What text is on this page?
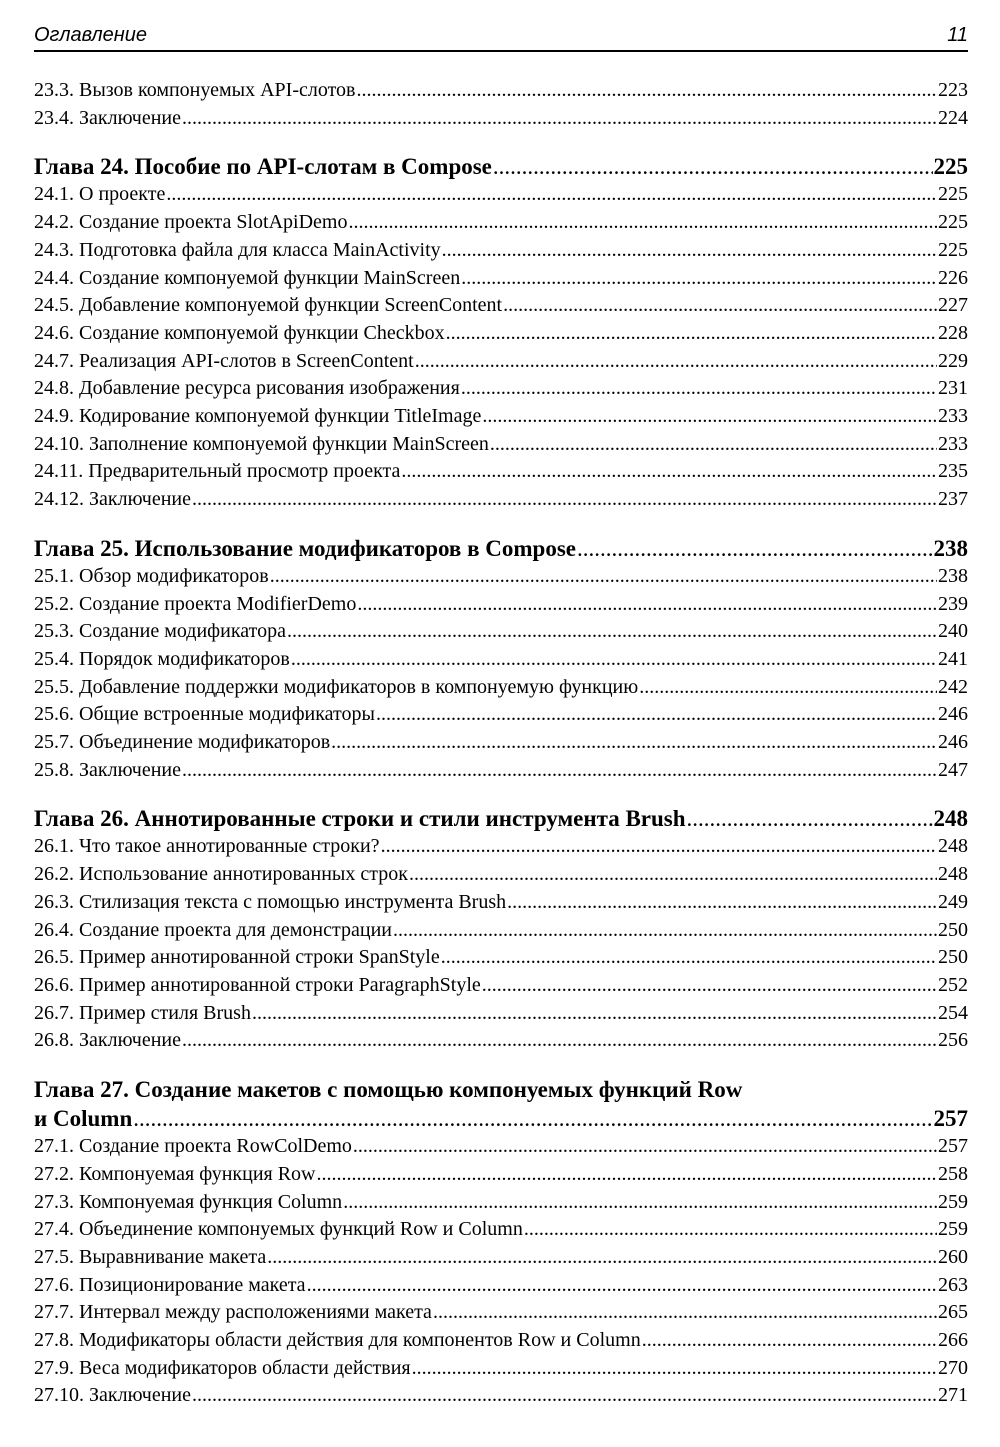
Оглавление	11
23.3. Вызов компонуемых API-слотов .....	223
23.4. Заключение .....	224
Глава 24. Пособие по API-слотам в Compose .....	225
24.1. О проекте .....	225
24.2. Создание проекта SlotApiDemo .....	225
24.3. Подготовка файла для класса MainActivity .....	225
24.4. Создание компонуемой функции MainScreen .....	226
24.5. Добавление компонуемой функции ScreenContent .....	227
24.6. Создание компонуемой функции Checkbox .....	228
24.7. Реализация API-слотов в ScreenContent .....	229
24.8. Добавление ресурса рисования изображения .....	231
24.9. Кодирование компонуемой функции TitleImage .....	233
24.10. Заполнение компонуемой функции MainScreen .....	233
24.11. Предварительный просмотр проекта .....	235
24.12. Заключение .....	237
Глава 25. Использование модификаторов в Compose .....	238
25.1. Обзор модификаторов .....	238
25.2. Создание проекта ModifierDemo .....	239
25.3. Создание модификатора .....	240
25.4. Порядок модификаторов .....	241
25.5. Добавление поддержки модификаторов в компонуемую функцию .....	242
25.6. Общие встроенные модификаторы .....	246
25.7. Объединение модификаторов .....	246
25.8. Заключение .....	247
Глава 26. Аннотированные строки и стили инструмента Brush .....	248
26.1. Что такое аннотированные строки? .....	248
26.2. Использование аннотированных строк .....	248
26.3. Стилизация текста с помощью инструмента Brush .....	249
26.4. Создание проекта для демонстрации .....	250
26.5. Пример аннотированной строки SpanStyle .....	250
26.6. Пример аннотированной строки ParagraphStyle .....	252
26.7. Пример стиля Brush .....	254
26.8. Заключение .....	256
Глава 27. Создание макетов с помощью компонуемых функций Row
и Column .....	257
27.1. Создание проекта RowColDemo .....	257
27.2. Компонуемая функция Row .....	258
27.3. Компонуемая функция Column .....	259
27.4. Объединение компонуемых функций Row и Column .....	259
27.5. Выравнивание макета .....	260
27.6. Позиционирование макета .....	263
27.7. Интервал между расположениями макета .....	265
27.8. Модификаторы области действия для компонентов Row и Column .....	266
27.9. Веса модификаторов области действия .....	270
27.10. Заключение .....	271
